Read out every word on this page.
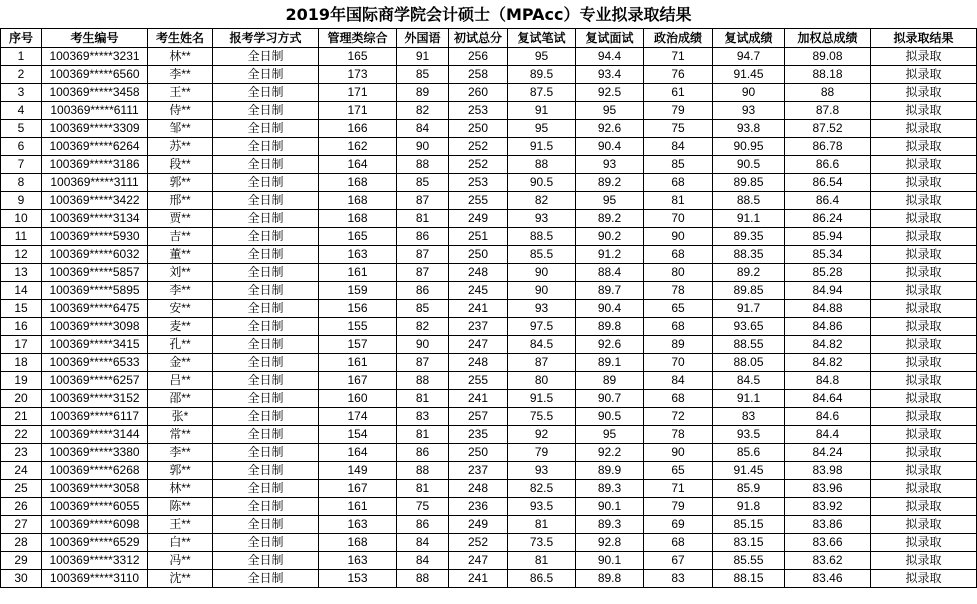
2019年国际商学院会计硕士（MPAcc）专业拟录取结果
序号	考生编号	考生姓名	报考学习方式	管理类综合	外国语	初试总分	复试笔试	复试面试	政治成绩	复试成绩	加权总成绩	拟录取结果
1	100369*****3231	林**	全日制	165	91	256	95	94.4	71	94.7	89.08	拟录取
2	100369*****6560	李**	全日制	173	85	258	89.5	93.4	76	91.45	88.18	拟录取
3	100369*****3458	王**	全日制	171	89	260	87.5	92.5	61	90	88	拟录取
4	100369*****6111	侍**	全日制	171	82	253	91	95	79	93	87.8	拟录取
5	100369*****3309	邹**	全日制	166	84	250	95	92.6	75	93.8	87.52	拟录取
6	100369*****6264	苏**	全日制	162	90	252	91.5	90.4	84	90.95	86.78	拟录取
7	100369*****3186	段**	全日制	164	88	252	88	93	85	90.5	86.6	拟录取
8	100369*****3111	郭**	全日制	168	85	253	90.5	89.2	68	89.85	86.54	拟录取
9	100369*****3422	邢**	全日制	168	87	255	82	95	81	88.5	86.4	拟录取
10	100369*****3134	贾**	全日制	168	81	249	93	89.2	70	91.1	86.24	拟录取
11	100369*****5930	吉**	全日制	165	86	251	88.5	90.2	90	89.35	85.94	拟录取
12	100369*****6032	董**	全日制	163	87	250	85.5	91.2	68	88.35	85.34	拟录取
13	100369*****5857	刘**	全日制	161	87	248	90	88.4	80	89.2	85.28	拟录取
14	100369*****5895	李**	全日制	159	86	245	90	89.7	78	89.85	84.94	拟录取
15	100369*****6475	安**	全日制	156	85	241	93	90.4	65	91.7	84.88	拟录取
16	100369*****3098	麦**	全日制	155	82	237	97.5	89.8	68	93.65	84.86	拟录取
17	100369*****3415	孔**	全日制	157	90	247	84.5	92.6	89	88.55	84.82	拟录取
18	100369*****6533	金**	全日制	161	87	248	87	89.1	70	88.05	84.82	拟录取
19	100369*****6257	吕**	全日制	167	88	255	80	89	84	84.5	84.8	拟录取
20	100369*****3152	邵**	全日制	160	81	241	91.5	90.7	68	91.1	84.64	拟录取
21	100369*****6117	张*	全日制	174	83	257	75.5	90.5	72	83	84.6	拟录取
22	100369*****3144	常**	全日制	154	81	235	92	95	78	93.5	84.4	拟录取
23	100369*****3380	李**	全日制	164	86	250	79	92.2	90	85.6	84.24	拟录取
24	100369*****6268	郭**	全日制	149	88	237	93	89.9	65	91.45	83.98	拟录取
25	100369*****3058	林**	全日制	167	81	248	82.5	89.3	71	85.9	83.96	拟录取
26	100369*****6055	陈**	全日制	161	75	236	93.5	90.1	79	91.8	83.92	拟录取
27	100369*****6098	王**	全日制	163	86	249	81	89.3	69	85.15	83.86	拟录取
28	100369*****6529	白**	全日制	168	84	252	73.5	92.8	68	83.15	83.66	拟录取
29	100369*****3312	冯**	全日制	163	84	247	81	90.1	67	85.55	83.62	拟录取
30	100369*****3110	沈**	全日制	153	88	241	86.5	89.8	83	88.15	83.46	拟录取
